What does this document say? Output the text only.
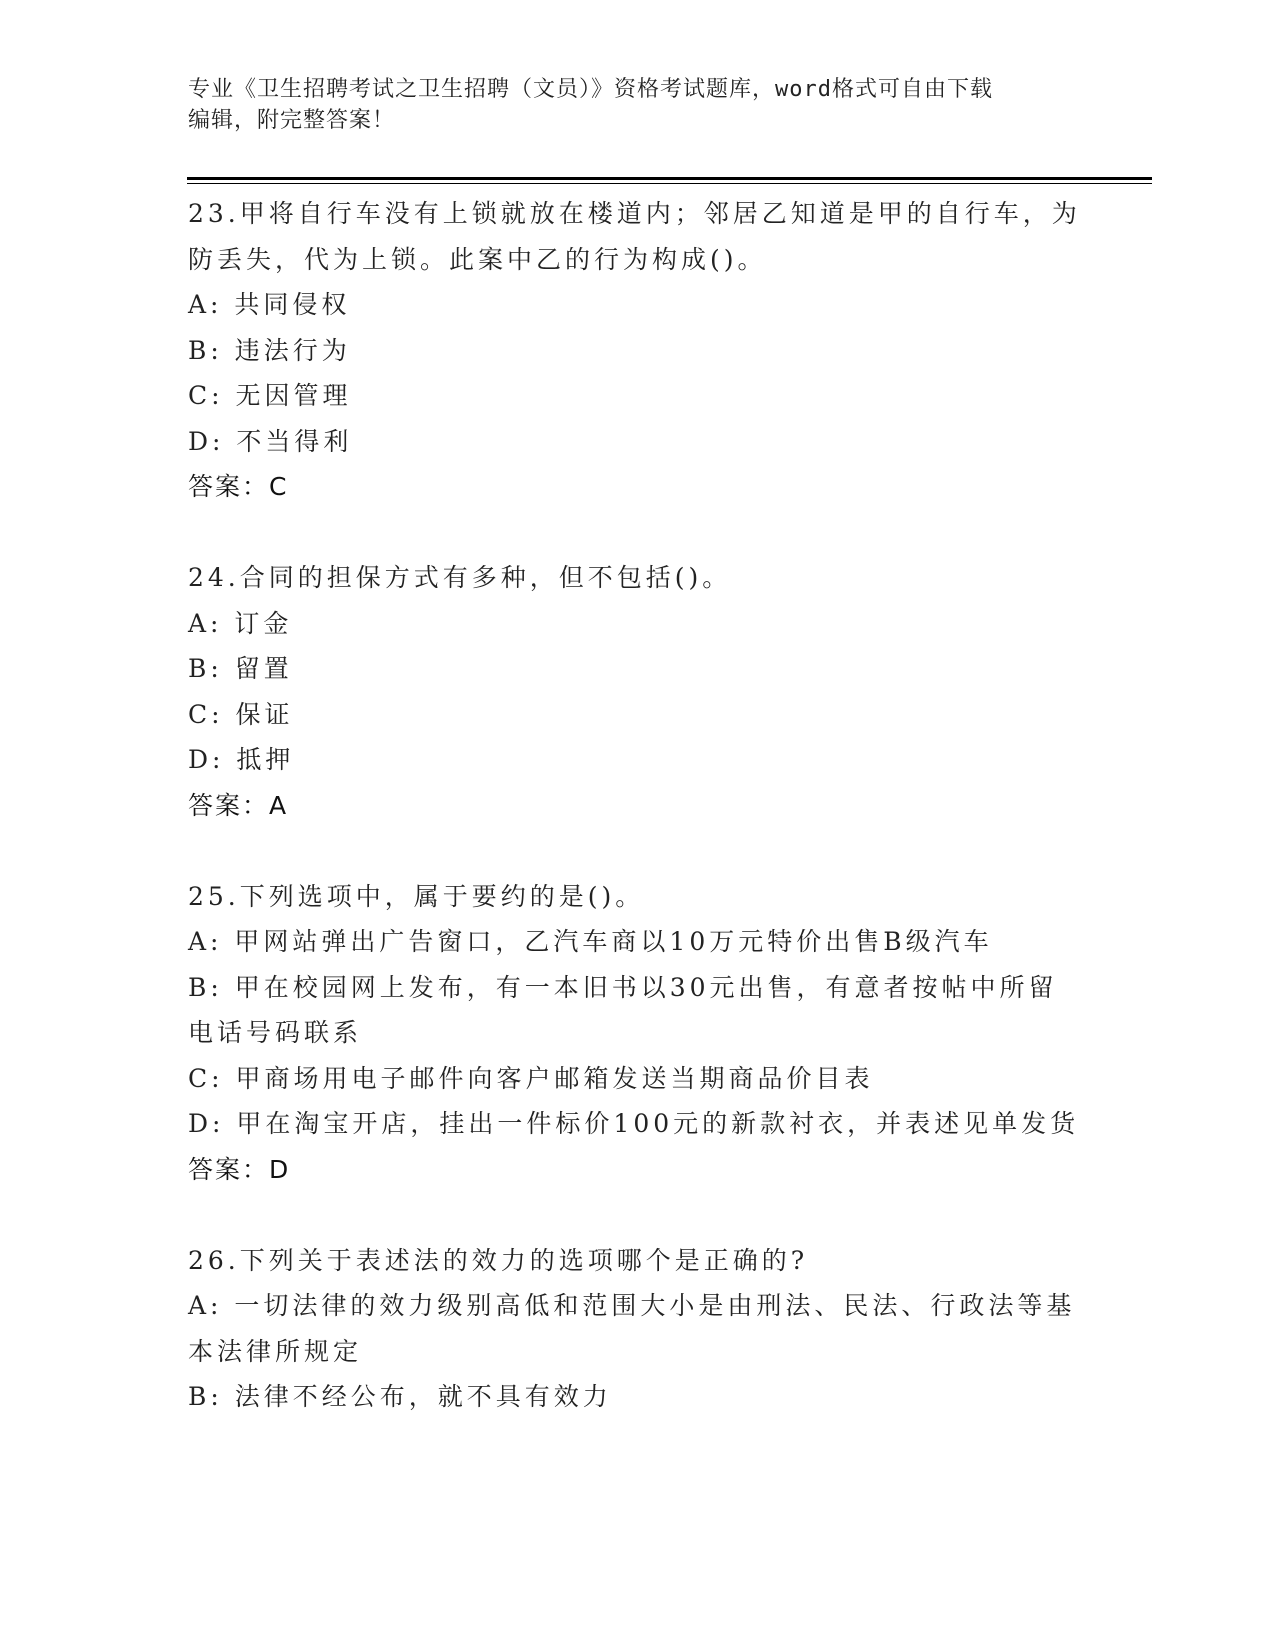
专业《卫生招聘考试之卫生招聘（文员）》资格考试题库，word格式可自由下载
编辑，附完整答案！
23.甲将自行车没有上锁就放在楼道内；邻居乙知道是甲的自行车，为
防丢失，代为上锁。此案中乙的行为构成()。
A: 共同侵权
B: 违法行为
C: 无因管理
D: 不当得利
答案：C
24.合同的担保方式有多种，但不包括()。
A: 订金
B: 留置
C: 保证
D: 抵押
答案：A
25.下列选项中，属于要约的是()。
A: 甲网站弹出广告窗口，乙汽车商以10万元特价出售B级汽车
B: 甲在校园网上发布，有一本旧书以30元出售，有意者按帖中所留
电话号码联系
C: 甲商场用电子邮件向客户邮箱发送当期商品价目表
D: 甲在淘宝开店，挂出一件标价100元的新款衬衣，并表述见单发货
答案：D
26.下列关于表述法的效力的选项哪个是正确的?
A: 一切法律的效力级别高低和范围大小是由刑法、民法、行政法等基
本法律所规定
B: 法律不经公布，就不具有效力
